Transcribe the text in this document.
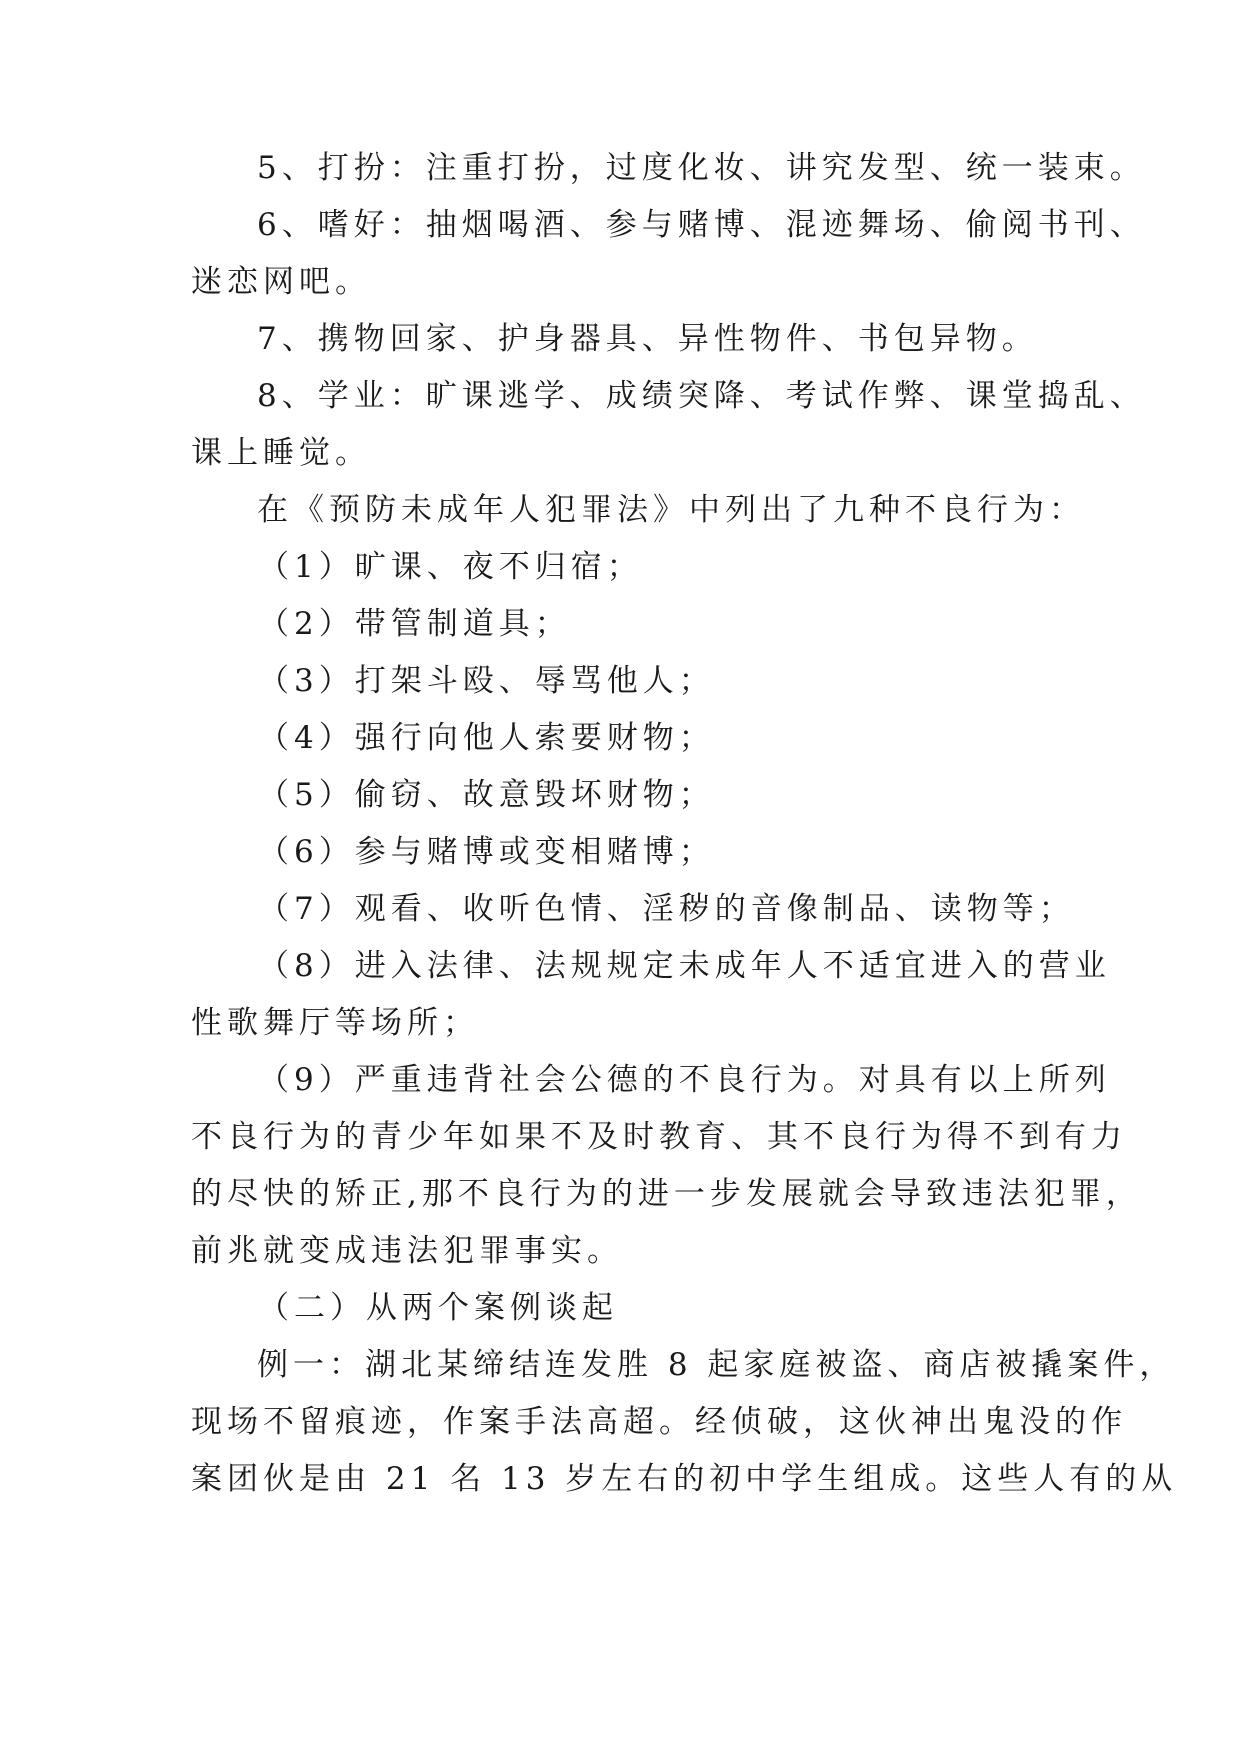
5、打扮：注重打扮，过度化妆、讲究发型、统一装束。
6、嗜好：抽烟喝酒、参与赌博、混迹舞场、偷阅书刊、
迷恋网吧。
7、携物回家、护身器具、异性物件、书包异物。
8、学业：旷课逃学、成绩突降、考试作弊、课堂捣乱、
课上睡觉。
在《预防未成年人犯罪法》中列出了九种不良行为：
（1）旷课、夜不归宿；
（2）带管制道具；
（3）打架斗殴、辱骂他人；
（4）强行向他人索要财物；
（5）偷窃、故意毁坏财物；
（6）参与赌博或变相赌博；
（7）观看、收听色情、淫秽的音像制品、读物等；
（8）进入法律、法规规定未成年人不适宜进入的营业
性歌舞厅等场所；
（9）严重违背社会公德的不良行为。对具有以上所列
不良行为的青少年如果不及时教育、其不良行为得不到有力
的尽快的矫正,那不良行为的进一步发展就会导致违法犯罪，
前兆就变成违法犯罪事实。
（二）从两个案例谈起
例一：湖北某缔结连发胜 8 起家庭被盗、商店被撬案件，
现场不留痕迹，作案手法高超。经侦破，这伙神出鬼没的作
案团伙是由 21 名 13 岁左右的初中学生组成。这些人有的从
